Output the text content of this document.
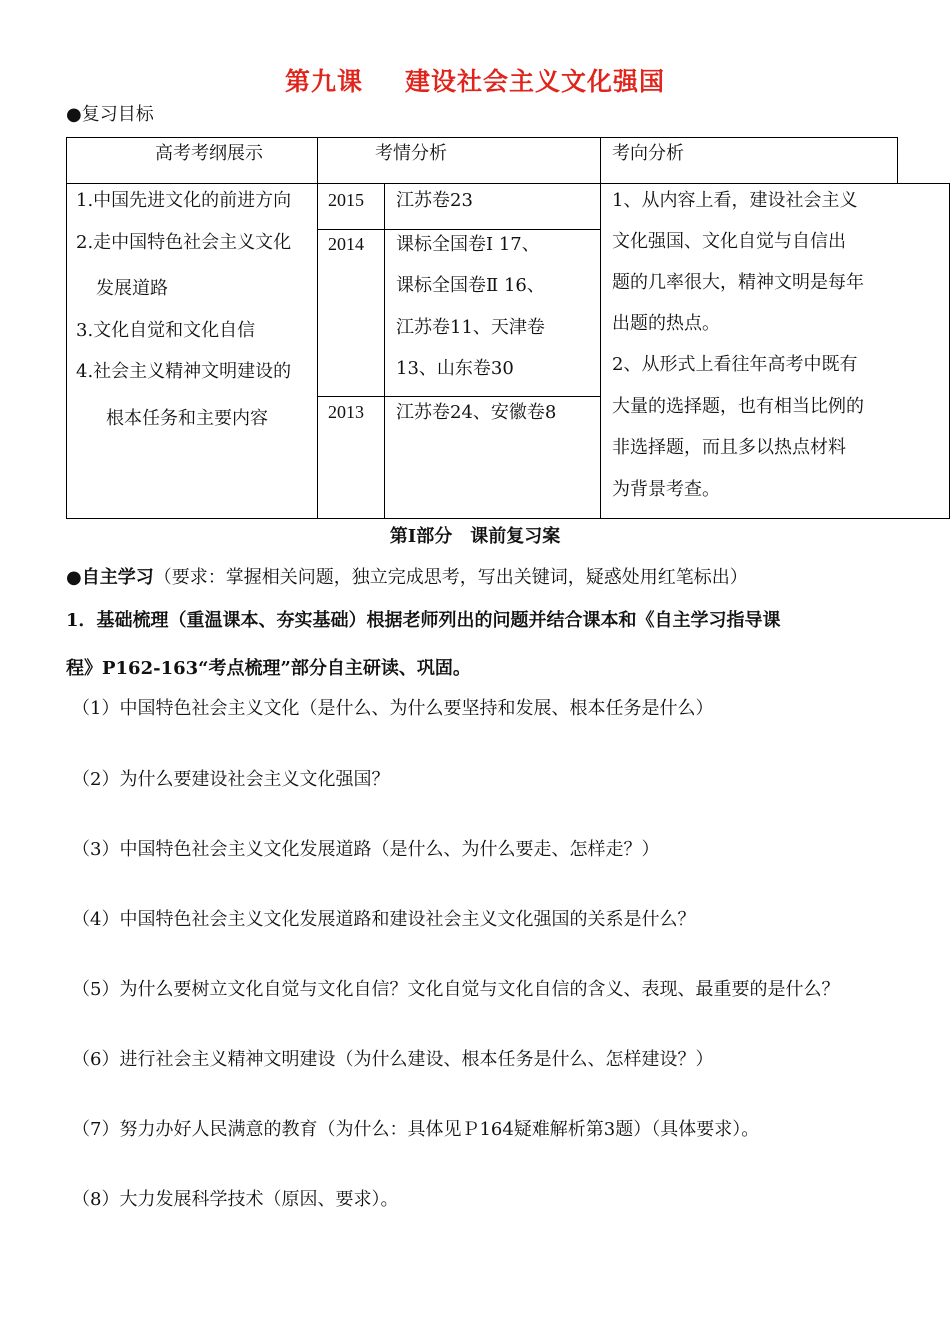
第九课 建设社会主义文化强国
●复习目标
高考考纲展示	考情分析	考向分析
1.中国先进文化的前进方向
2.走中国特色社会主义文化
发展道路
3.文化自觉和文化自信
4.社会主义精神文明建设的
根本任务和主要内容
2015 江苏卷23
2014 课标全国卷Ⅰ 17、
课标全国卷Ⅱ 16、
江苏卷11、天津卷
13、山东卷30
2013 江苏卷24、安徽卷8
1、从内容上看，建设社会主义
文化强国、文化自觉与自信出
题的几率很大，精神文明是每年
出题的热点。
2、从形式上看往年高考中既有
大量的选择题，也有相当比例的
非选择题，而且多以热点材料
为背景考查。
第Ⅰ部分　课前复习案
●自主学习（要求：掌握相关问题，独立完成思考，写出关键词，疑惑处用红笔标出）
1．基础梳理（重温课本、夯实基础）根据老师列出的问题并结合课本和《自主学习指导课
程》P162-163“考点梳理”部分自主研读、巩固。
（1）中国特色社会主义文化（是什么、为什么要坚持和发展、根本任务是什么）
（2）为什么要建设社会主义文化强国？
（3）中国特色社会主义文化发展道路（是什么、为什么要走、怎样走？）
（4）中国特色社会主义文化发展道路和建设社会主义文化强国的关系是什么？
（5）为什么要树立文化自觉与文化自信？文化自觉与文化自信的含义、表现、最重要的是什么？
（6）进行社会主义精神文明建设（为什么建设、根本任务是什么、怎样建设？）
（7）努力办好人民满意的教育（为什么：具体见Ｐ164疑难解析第3题）（具体要求）。
（8）大力发展科学技术（原因、要求）。
